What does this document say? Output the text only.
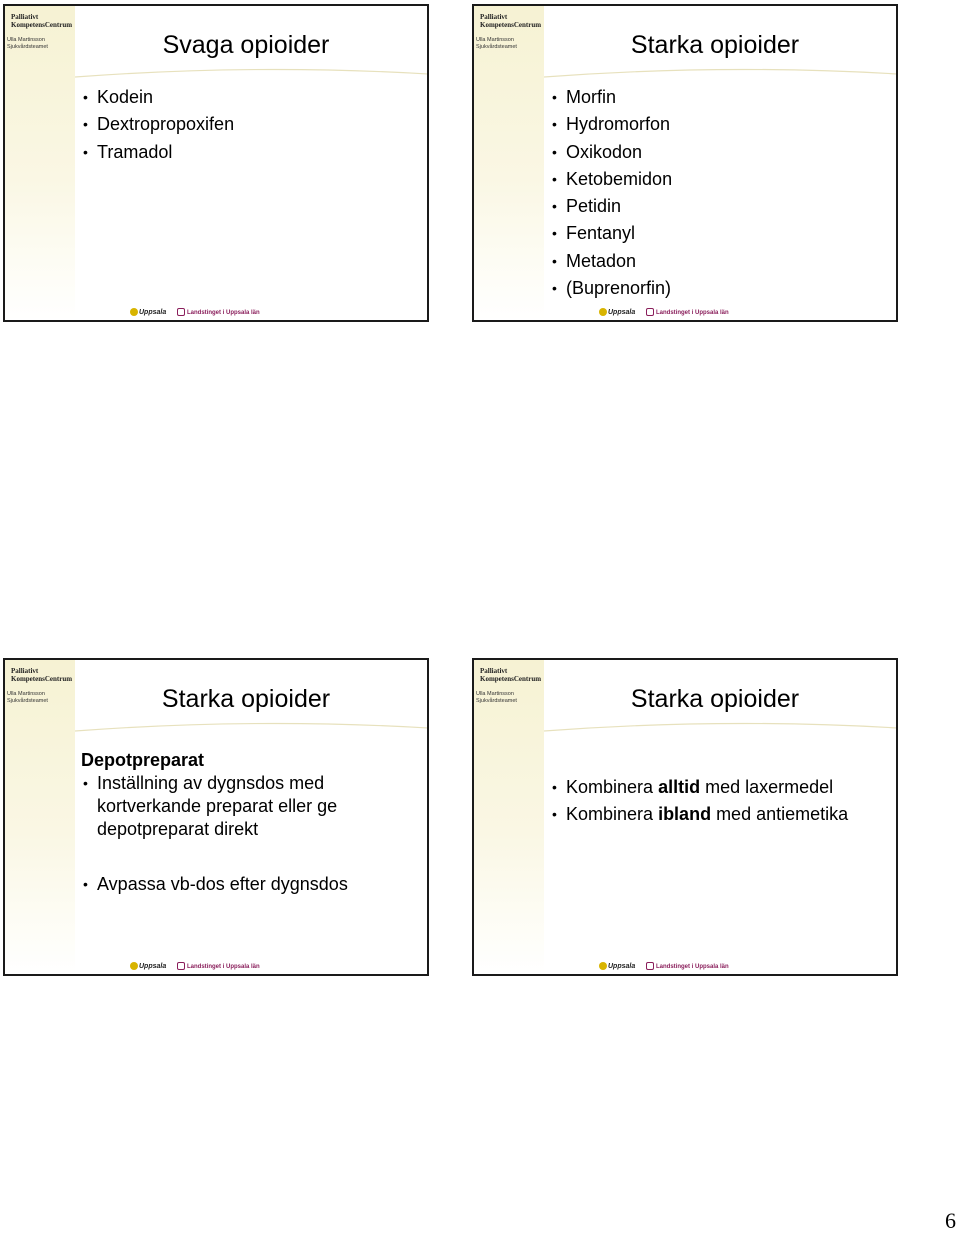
Palliativt
KompetensCentrum
Ulla Martinsson
Sjukvårdsteamet	Svaga opioider
• Kodein
• Dextropropoxifen
• Tramadol
Uppsala	Landstinget i Uppsala län
Palliativt
KompetensCentrum
Ulla Martinsson
Sjukvårdsteamet	Starka opioider
• Morfin
• Hydromorfon
• Oxikodon
• Ketobemidon
• Petidin
• Fentanyl
• Metadon
• (Buprenorfin)
Uppsala	Landstinget i Uppsala län
Palliativt
KompetensCentrum
Ulla Martinsson
Sjukvårdsteamet	Starka opioider
Depotpreparat
• Inställning av dygnsdos med kortverkande preparat eller ge depotpreparat direkt
• Avpassa vb-dos efter dygnsdos
Uppsala	Landstinget i Uppsala län
Palliativt
KompetensCentrum
Ulla Martinsson
Sjukvårdsteamet	Starka opioider
• Kombinera alltid med laxermedel
• Kombinera ibland med antiemetika
Uppsala	Landstinget i Uppsala län
6
